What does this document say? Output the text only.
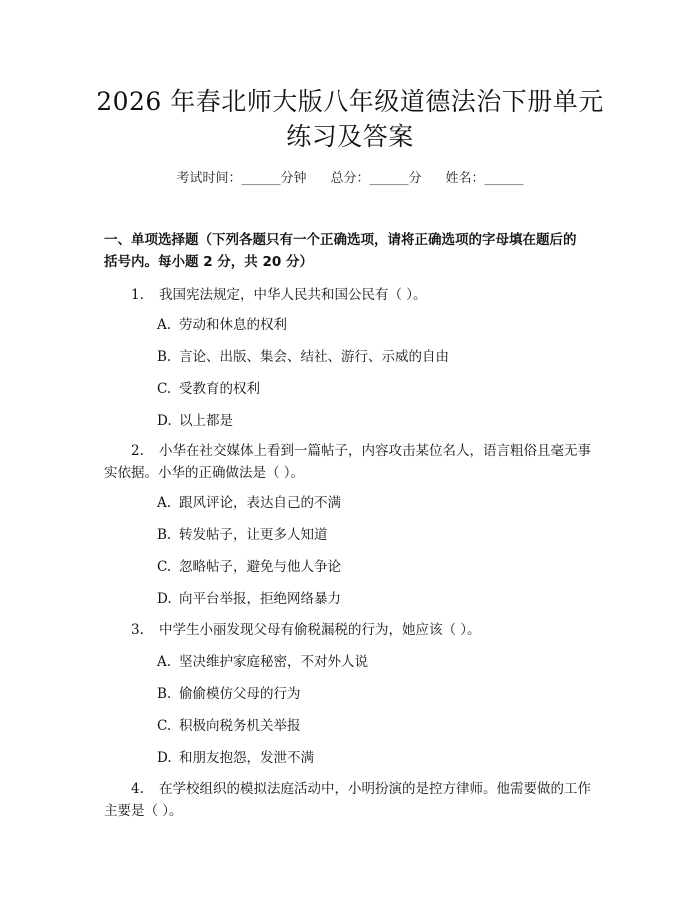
2026 年春北师大版八年级道德法治下册单元
练习及答案
考试时间：______分钟 总分：______分 姓名：______
一、单项选择题（下列各题只有一个正确选项，请将正确选项的字母填在题后的
括号内。每小题 2 分，共 20 分）
1. 我国宪法规定，中华人民共和国公民有（ ）。
A. 劳动和休息的权利
B. 言论、出版、集会、结社、游行、示威的自由
C. 受教育的权利
D. 以上都是
2. 小华在社交媒体上看到一篇帖子，内容攻击某位名人，语言粗俗且毫无事
实依据。小华的正确做法是（ ）。
A. 跟风评论，表达自己的不满
B. 转发帖子，让更多人知道
C. 忽略帖子，避免与他人争论
D. 向平台举报，拒绝网络暴力
3. 中学生小丽发现父母有偷税漏税的行为，她应该（ ）。
A. 坚决维护家庭秘密，不对外人说
B. 偷偷模仿父母的行为
C. 积极向税务机关举报
D. 和朋友抱怨，发泄不满
4. 在学校组织的模拟法庭活动中，小明扮演的是控方律师。他需要做的工作
主要是（ ）。
